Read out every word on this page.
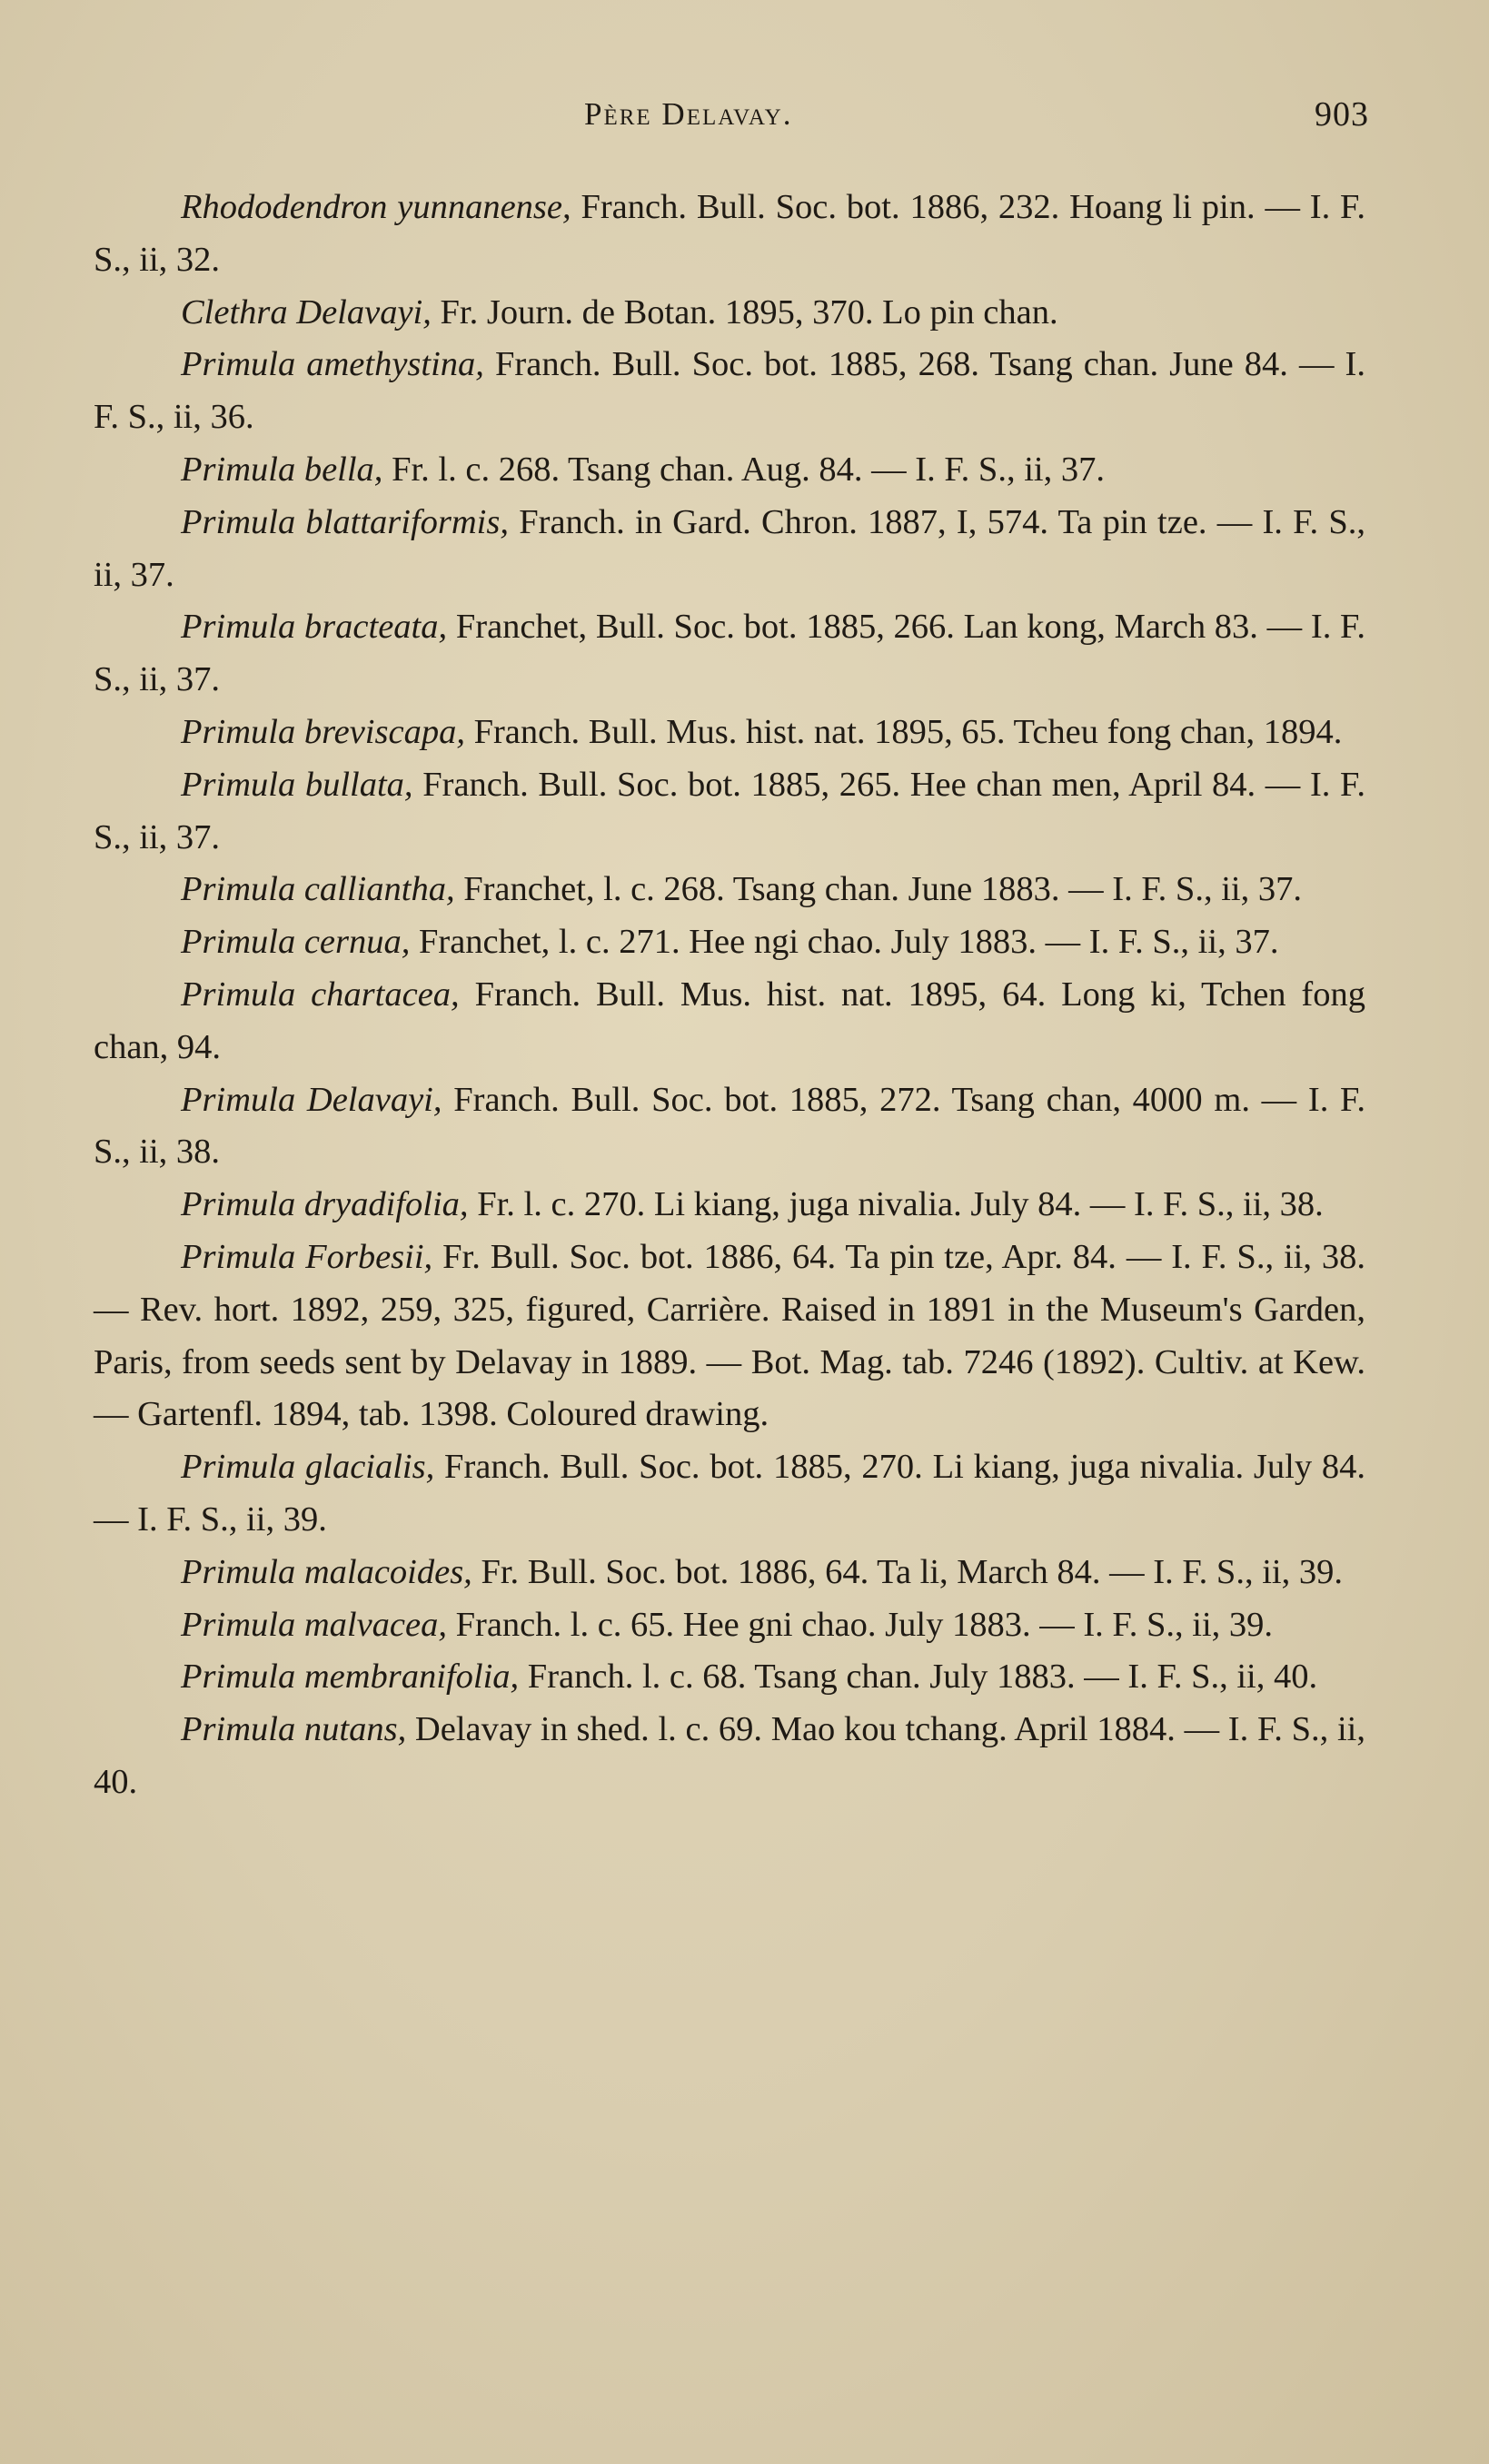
Père Delavay.	903

Rhododendron yunnanense, Franch. Bull. Soc. bot. 1886, 232. Hoang li pin. — I. F. S., ii, 32.

Clethra Delavayi, Fr. Journ. de Botan. 1895, 370. Lo pin chan.

Primula amethystina, Franch. Bull. Soc. bot. 1885, 268. Tsang chan. June 84. — I. F. S., ii, 36.

Primula bella, Fr. l. c. 268. Tsang chan. Aug. 84. — I. F. S., ii, 37.

Primula blattariformis, Franch. in Gard. Chron. 1887, I, 574. Ta pin tze. — I. F. S., ii, 37.

Primula bracteata, Franchet, Bull. Soc. bot. 1885, 266. Lan kong, March 83. — I. F. S., ii, 37.

Primula breviscapa, Franch. Bull. Mus. hist. nat. 1895, 65. Tcheu fong chan, 1894.

Primula bullata, Franch. Bull. Soc. bot. 1885, 265. Hee chan men, April 84. — I. F. S., ii, 37.

Primula calliantha, Franchet, l. c. 268. Tsang chan. June 1883. — I. F. S., ii, 37.

Primula cernua, Franchet, l. c. 271. Hee ngi chao. July 1883. — I. F. S., ii, 37.

Primula chartacea, Franch. Bull. Mus. hist. nat. 1895, 64. Long ki, Tchen fong chan, 94.

Primula Delavayi, Franch. Bull. Soc. bot. 1885, 272. Tsang chan, 4000 m. — I. F. S., ii, 38.

Primula dryadifolia, Fr. l. c. 270. Li kiang, juga nivalia. July 84. — I. F. S., ii, 38.

Primula Forbesii, Fr. Bull. Soc. bot. 1886, 64. Ta pin tze, Apr. 84. — I. F. S., ii, 38. — Rev. hort. 1892, 259, 325, figured, Carrière. Raised in 1891 in the Museum's Garden, Paris, from seeds sent by Delavay in 1889. — Bot. Mag. tab. 7246 (1892). Cultiv. at Kew. — Gartenfl. 1894, tab. 1398. Coloured drawing.

Primula glacialis, Franch. Bull. Soc. bot. 1885, 270. Li kiang, juga nivalia. July 84. — I. F. S., ii, 39.

Primula malacoides, Fr. Bull. Soc. bot. 1886, 64. Ta li, March 84. — I. F. S., ii, 39.

Primula malvacea, Franch. l. c. 65. Hee gni chao. July 1883. — I. F. S., ii, 39.

Primula membranifolia, Franch. l. c. 68. Tsang chan. July 1883. — I. F. S., ii, 40.

Primula nutans, Delavay in shed. l. c. 69. Mao kou tchang. April 1884. — I. F. S., ii, 40.
